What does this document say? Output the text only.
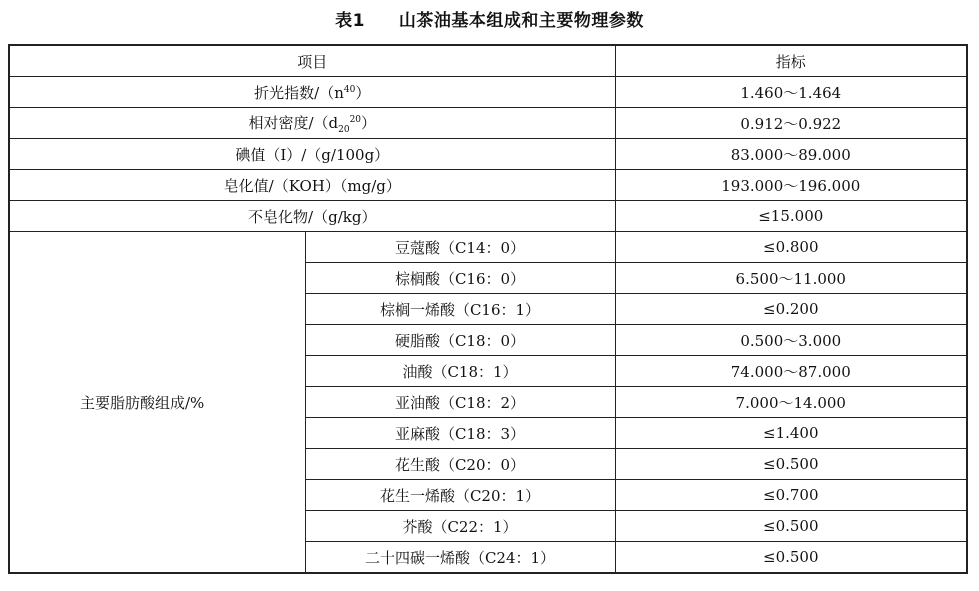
表1 山茶油基本组成和主要物理参数
项目		指标
折光指数$/(n^{40})$		1.460～1.464
相对密度$/(d_{20}^{20})$		0.912～0.922
碘值（I）/（g/100g）		83.000～89.000
皂化值/（KOH）（mg/g）		193.000～196.000
不皂化物/（g/kg）		≤15.000
主要脂肪酸组成/%	豆蔻酸（C14：0）	≤0.800
	棕榈酸（C16：0）	6.500～11.000
	棕榈一烯酸（C16：1）	≤0.200
	硬脂酸（C18：0）	0.500～3.000
	油酸（C18：1）	74.000～87.000
	亚油酸（C18：2）	7.000～14.000
	亚麻酸（C18：3）	≤1.400
	花生酸（C20：0）	≤0.500
	花生一烯酸（C20：1）	≤0.700
	芥酸（C22：1）	≤0.500
	二十四碳一烯酸（C24：1）	≤0.500
